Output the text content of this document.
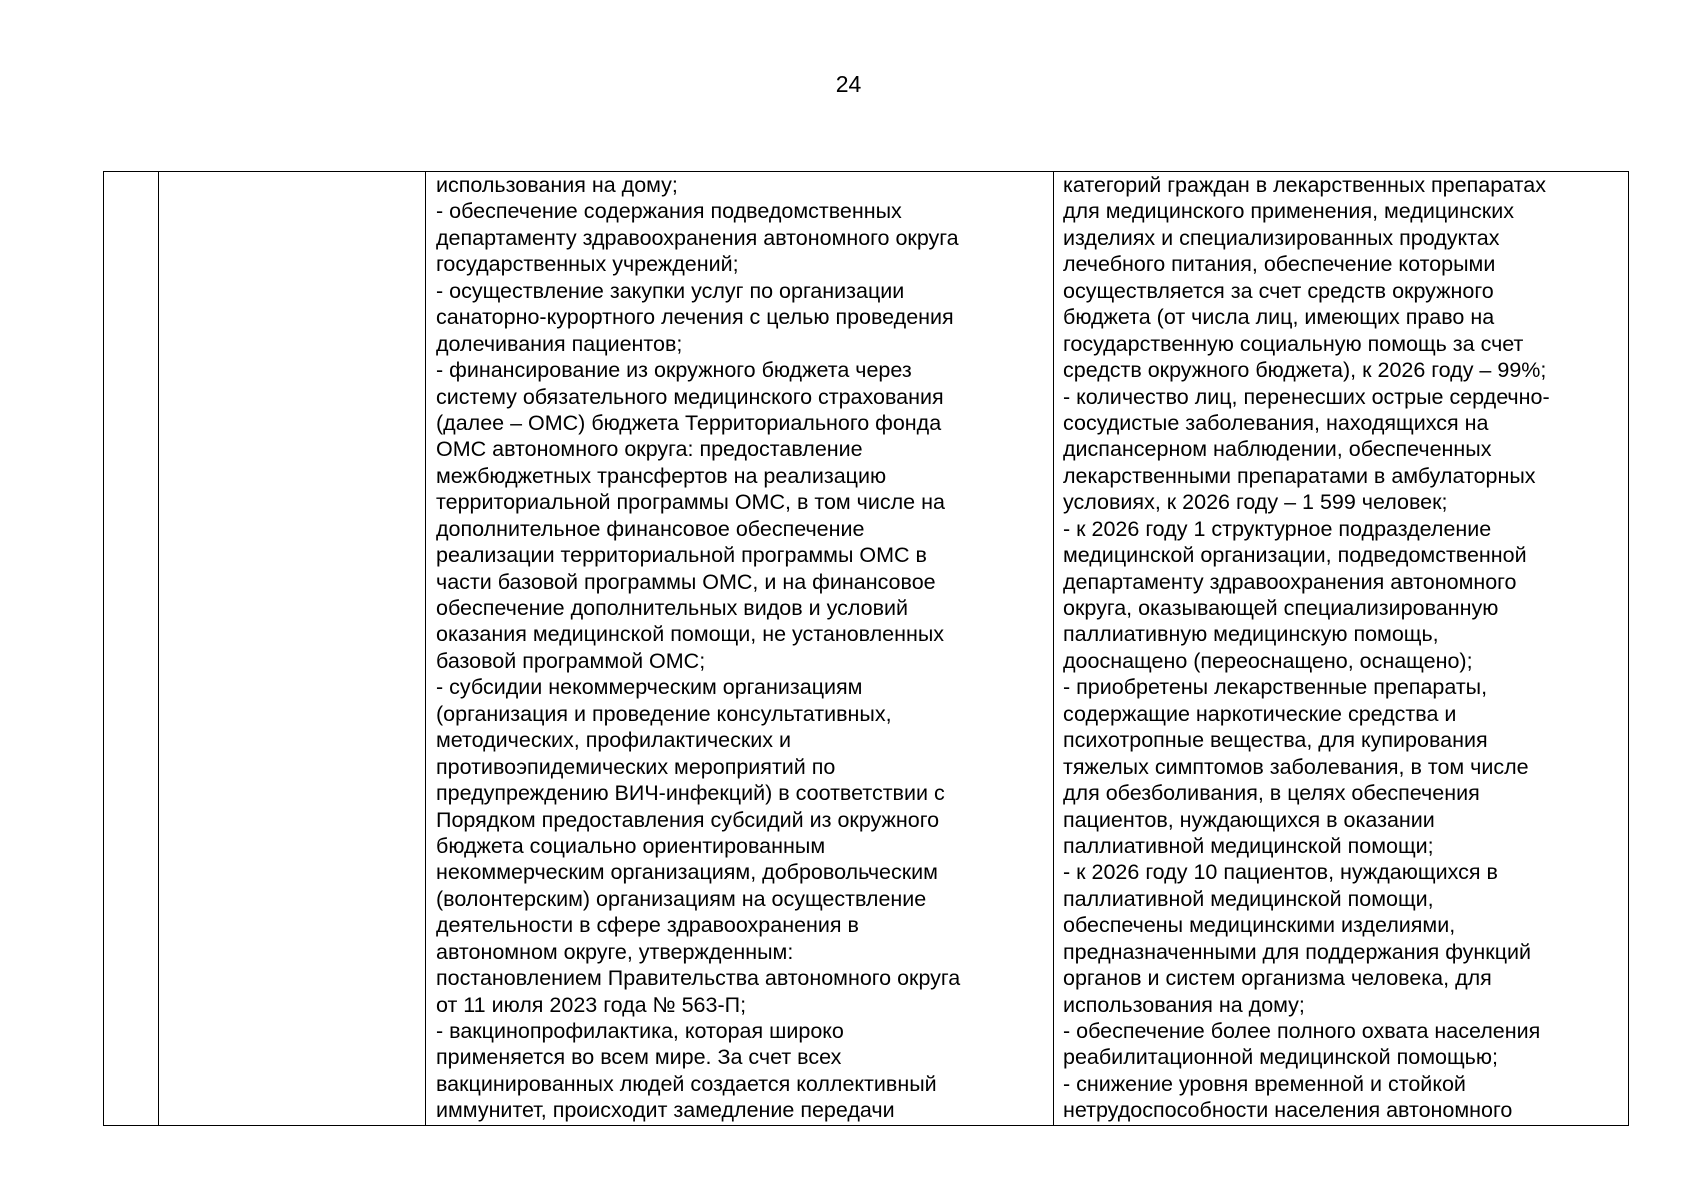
24

использования на дому;
- обеспечение содержания подведомственных
департаменту здравоохранения автономного округа
государственных учреждений;
- осуществление закупки услуг по организации
санаторно-курортного лечения с целью проведения
долечивания пациентов;
- финансирование из окружного бюджета через
систему обязательного медицинского страхования
(далее – ОМС) бюджета Территориального фонда
ОМС автономного округа: предоставление
межбюджетных трансфертов на реализацию
территориальной программы ОМС, в том числе на
дополнительное финансовое обеспечение
реализации территориальной программы ОМС в
части базовой программы ОМС, и на финансовое
обеспечение дополнительных видов и условий
оказания медицинской помощи, не установленных
базовой программой ОМС;
- субсидии некоммерческим организациям
(организация и проведение консультативных,
методических, профилактических и
противоэпидемических мероприятий по
предупреждению ВИЧ-инфекций) в соответствии с
Порядком предоставления субсидий из окружного
бюджета социально ориентированным
некоммерческим организациям, добровольческим
(волонтерским) организациям на осуществление
деятельности в сфере здравоохранения в
автономном округе, утвержденным:
постановлением Правительства автономного округа
от 11 июля 2023 года № 563-П;
- вакцинопрофилактика, которая широко
применяется во всем мире. За счет всех
вакцинированных людей создается коллективный
иммунитет, происходит замедление передачи

категорий граждан в лекарственных препаратах
для медицинского применения, медицинских
изделиях и специализированных продуктах
лечебного питания, обеспечение которыми
осуществляется за счет средств окружного
бюджета (от числа лиц, имеющих право на
государственную социальную помощь за счет
средств окружного бюджета), к 2026 году – 99%;
- количество лиц, перенесших острые сердечно-
сосудистые заболевания, находящихся на
диспансерном наблюдении, обеспеченных
лекарственными препаратами в амбулаторных
условиях, к 2026 году – 1 599 человек;
- к 2026 году 1 структурное подразделение
медицинской организации, подведомственной
департаменту здравоохранения автономного
округа, оказывающей специализированную
паллиативную медицинскую помощь,
дооснащено (переоснащено, оснащено);
- приобретены лекарственные препараты,
содержащие наркотические средства и
психотропные вещества, для купирования
тяжелых симптомов заболевания, в том числе
для обезболивания, в целях обеспечения
пациентов, нуждающихся в оказании
паллиативной медицинской помощи;
- к 2026 году 10 пациентов, нуждающихся в
паллиативной медицинской помощи,
обеспечены медицинскими изделиями,
предназначенными для поддержания функций
органов и систем организма человека, для
использования на дому;
- обеспечение более полного охвата населения
реабилитационной медицинской помощью;
- снижение уровня временной и стойкой
нетрудоспособности населения автономного
